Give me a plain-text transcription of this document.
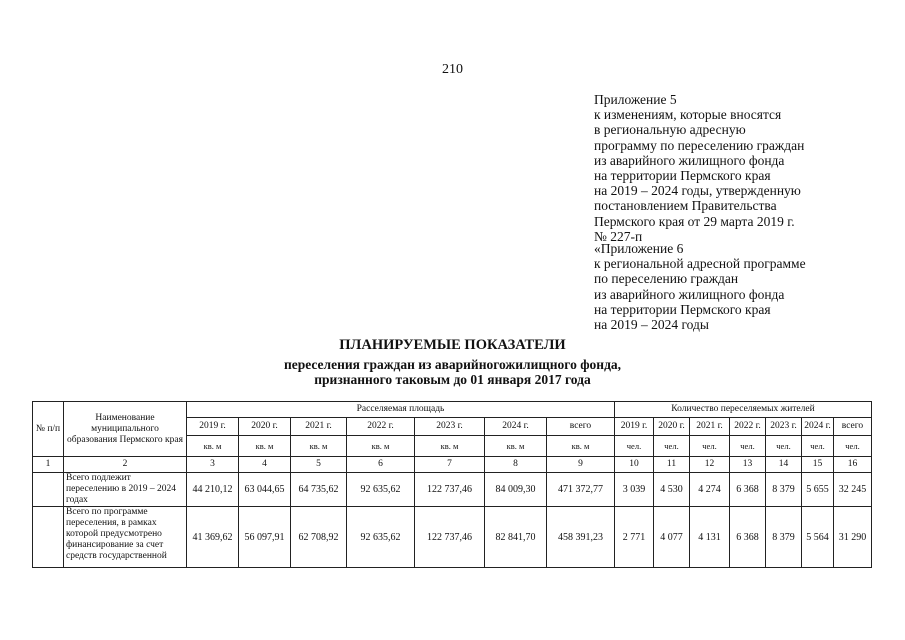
210
Приложение 5
к изменениям, которые вносятся
в региональную адресную
программу по переселению граждан
из аварийного жилищного фонда
на территории Пермского края
на 2019 – 2024 годы, утвержденную
постановлением Правительства
Пермского края от 29 марта 2019 г.
№ 227-п
«Приложение 6
к региональной адресной программе
по переселению граждан
из аварийного жилищного фонда
на территории Пермского края
на 2019 – 2024 годы
ПЛАНИРУЕМЫЕ ПОКАЗАТЕЛИ
переселения граждан из аварийногожилищного фонда,
признанного таковым до 01 января 2017 года
№ п/п	Наименование муниципального образования Пермского края	Расселяемая площадь							Количество переселяемых жителей						
		2019 г.	2020 г.	2021 г.	2022 г.	2023 г.	2024 г.	всего	2019 г.	2020 г.	2021 г.	2022 г.	2023 г.	2024 г.	всего
		кв. м	кв. м	кв. м	кв. м	кв. м	кв. м	кв. м	чел.	чел.	чел.	чел.	чел.	чел.	чел.
1	2	3	4	5	6	7	8	9	10	11	12	13	14	15	16
	Всего подлежит переселению в 2019 – 2024 годах	44 210,12	63 044,65	64 735,62	92 635,62	122 737,46	84 009,30	471 372,77	3 039	4 530	4 274	6 368	8 379	5 655	32 245
	Всего по программе переселения, в рамках которой предусмотрено финансирование за счет средств государственной	41 369,62	56 097,91	62 708,92	92 635,62	122 737,46	82 841,70	458 391,23	2 771	4 077	4 131	6 368	8 379	5 564	31 290
